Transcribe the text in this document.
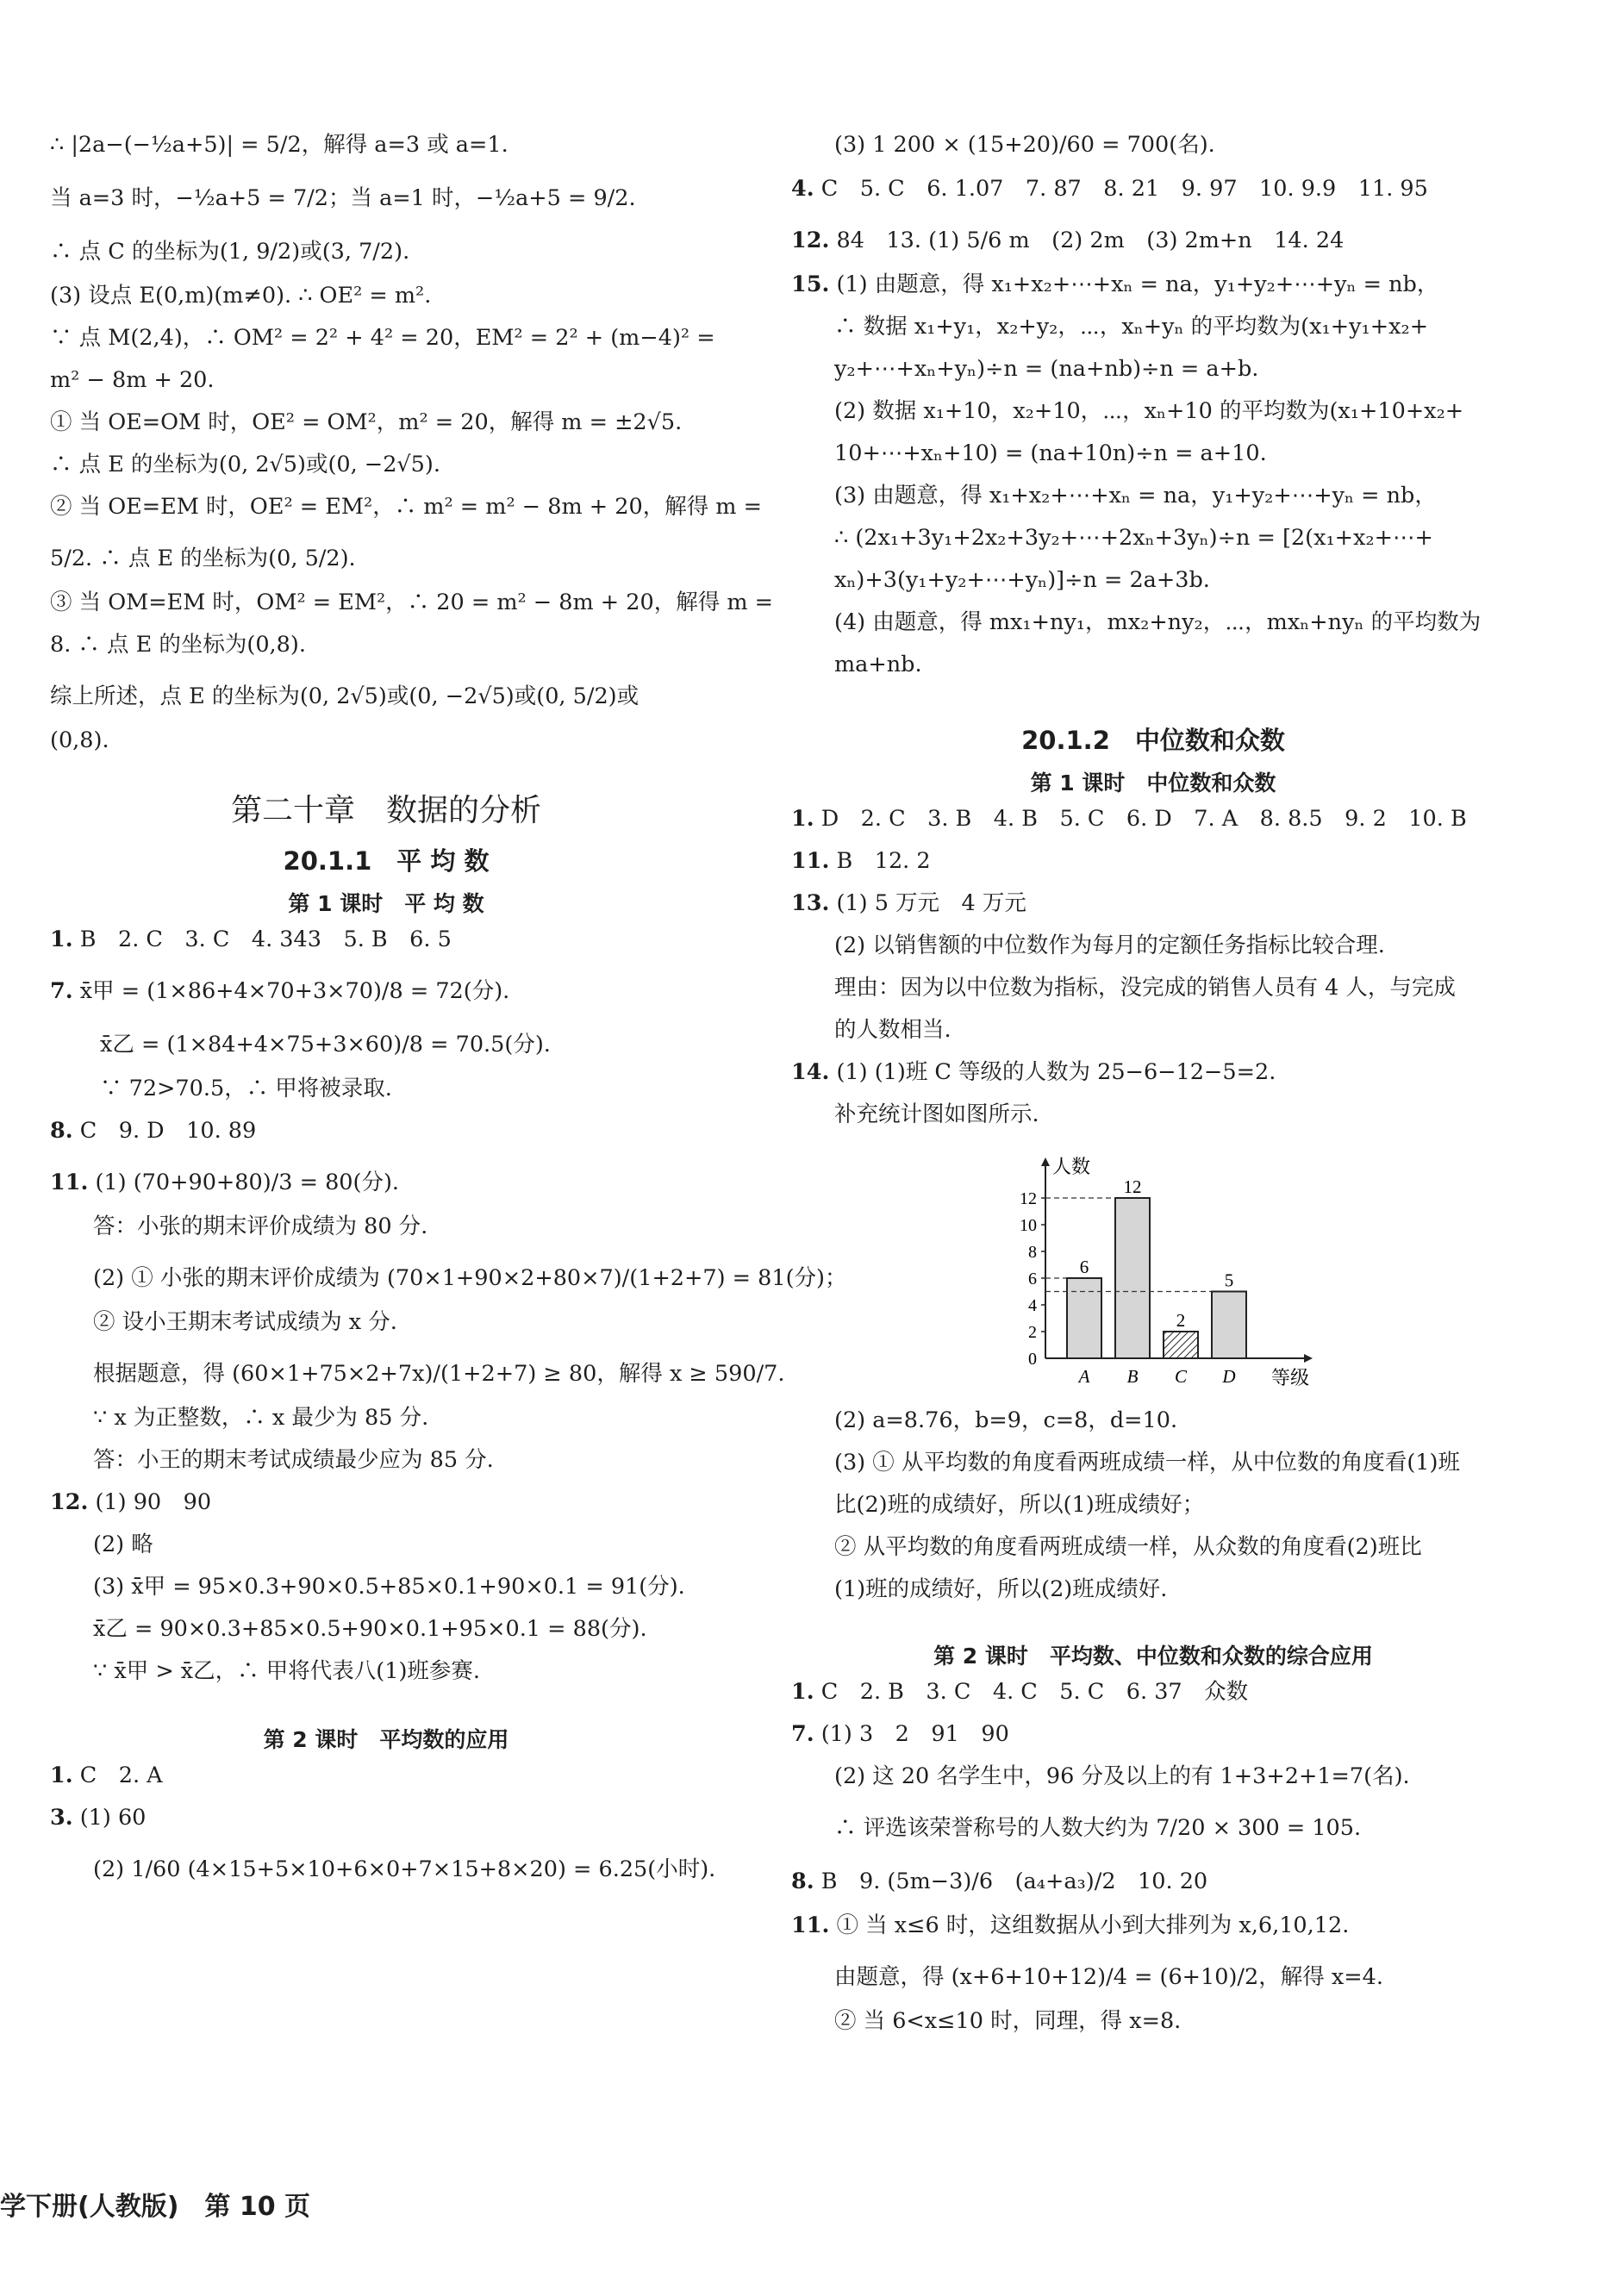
∴ |2a−(−½a+5)| = 5/2，解得 a=3 或 a=1.
当 a=3 时，−½a+5 = 7/2；当 a=1 时，−½a+5 = 9/2.
∴ 点 C 的坐标为(1, 9/2)或(3, 7/2).
(3) 设点 E(0,m)(m≠0). ∴ OE² = m².
∵ 点 M(2,4)，∴ OM² = 2² + 4² = 20，EM² = 2² + (m−4)² =
m² − 8m + 20.
① 当 OE=OM 时，OE² = OM²，m² = 20，解得 m = ±2√5.
∴ 点 E 的坐标为(0, 2√5)或(0, −2√5).
② 当 OE=EM 时，OE² = EM²，∴ m² = m² − 8m + 20，解得 m =
5/2. ∴ 点 E 的坐标为(0, 5/2).
③ 当 OM=EM 时，OM² = EM²，∴ 20 = m² − 8m + 20，解得 m =
8. ∴ 点 E 的坐标为(0,8).
综上所述，点 E 的坐标为(0, 2√5)或(0, −2√5)或(0, 5/2)或
(0,8).
第二十章　数据的分析
20.1.1　平 均 数
第 1 课时　平 均 数
1. B　2. C　3. C　4. 343　5. B　6. 5
7. x̄甲 = (1×86+4×70+3×70)/8 = 72(分).
x̄乙 = (1×84+4×75+3×60)/8 = 70.5(分).
∵ 72>70.5，∴ 甲将被录取.
8. C　9. D　10. 89
11. (1) (70+90+80)/3 = 80(分).
答：小张的期末评价成绩为 80 分.
(2) ① 小张的期末评价成绩为 (70×1+90×2+80×7)/(1+2+7) = 81(分)；
② 设小王期末考试成绩为 x 分.
根据题意，得 (60×1+75×2+7x)/(1+2+7) ≥ 80，解得 x ≥ 590/7.
∵ x 为正整数，∴ x 最少为 85 分.
答：小王的期末考试成绩最少应为 85 分.
12. (1) 90　90
(2) 略
(3) x̄甲 = 95×0.3+90×0.5+85×0.1+90×0.1 = 91(分).
x̄乙 = 90×0.3+85×0.5+90×0.1+95×0.1 = 88(分).
∵ x̄甲 > x̄乙，∴ 甲将代表八(1)班参赛.
第 2 课时　平均数的应用
1. C　2. A
3. (1) 60
(2) 1/60 (4×15+5×10+6×0+7×15+8×20) = 6.25(小时).
(3) 1 200 × (15+20)/60 = 700(名).
4. C　5. C　6. 1.07　7. 87　8. 21　9. 97　10. 9.9　11. 95
12. 84　13. (1) 5/6 m　(2) 2m　(3) 2m+n　14. 24
15. (1) 由题意，得 x₁+x₂+⋯+xₙ = na，y₁+y₂+⋯+yₙ = nb，
∴ 数据 x₁+y₁，x₂+y₂，⋯，xₙ+yₙ 的平均数为(x₁+y₁+x₂+
y₂+⋯+xₙ+yₙ)÷n = (na+nb)÷n = a+b.
(2) 数据 x₁+10，x₂+10，⋯，xₙ+10 的平均数为(x₁+10+x₂+
10+⋯+xₙ+10) = (na+10n)÷n = a+10.
(3) 由题意，得 x₁+x₂+⋯+xₙ = na，y₁+y₂+⋯+yₙ = nb，
∴ (2x₁+3y₁+2x₂+3y₂+⋯+2xₙ+3yₙ)÷n = [2(x₁+x₂+⋯+
xₙ)+3(y₁+y₂+⋯+yₙ)]÷n = 2a+3b.
(4) 由题意，得 mx₁+ny₁，mx₂+ny₂，⋯，mxₙ+nyₙ 的平均数为
ma+nb.
20.1.2　中位数和众数
第 1 课时　中位数和众数
1. D　2. C　3. B　4. B　5. C　6. D　7. A　8. 8.5　9. 2　10. B
11. B　12. 2
13. (1) 5 万元　4 万元
(2) 以销售额的中位数作为每月的定额任务指标比较合理.
理由：因为以中位数为指标，没完成的销售人员有 4 人，与完成
的人数相当.
14. (1) (1)班 C 等级的人数为 25−6−12−5=2.
补充统计图如图所示.
人数
等级
0
2
4
6
8
10
12
6
A
12
B
2
C
5
D
(2) a=8.76，b=9，c=8，d=10.
(3) ① 从平均数的角度看两班成绩一样，从中位数的角度看(1)班
比(2)班的成绩好，所以(1)班成绩好；
② 从平均数的角度看两班成绩一样，从众数的角度看(2)班比
(1)班的成绩好，所以(2)班成绩好.
第 2 课时　平均数、中位数和众数的综合应用
1. C　2. B　3. C　4. C　5. C　6. 37　众数
7. (1) 3　2　91　90
(2) 这 20 名学生中，96 分及以上的有 1+3+2+1=7(名).
∴ 评选该荣誉称号的人数大约为 7/20 × 300 = 105.
8. B　9. (5m−3)/6　(a₄+a₃)/2　10. 20
11. ① 当 x≤6 时，这组数据从小到大排列为 x,6,10,12.
由题意，得 (x+6+10+12)/4 = (6+10)/2，解得 x=4.
② 当 6<x≤10 时，同理，得 x=8.
学下册(人教版)　第 10 页
